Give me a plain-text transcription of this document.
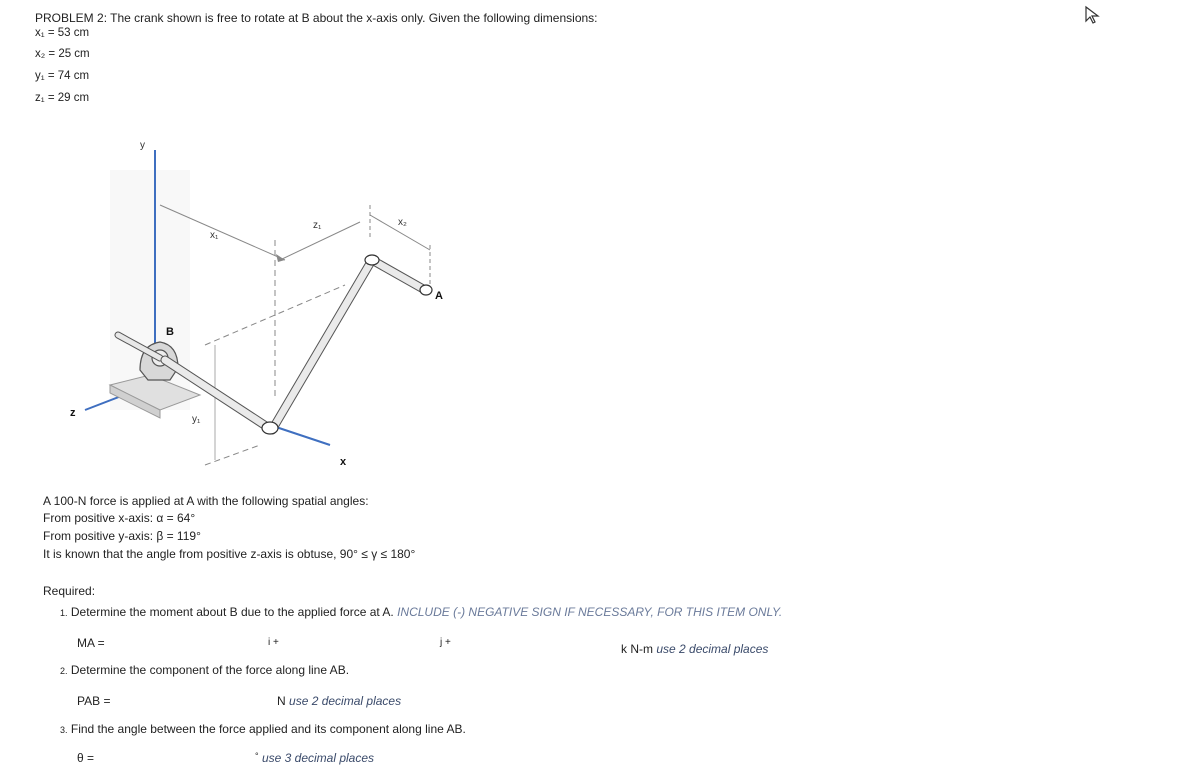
PROBLEM 2: The crank shown is free to rotate at B about the x-axis only. Given the following dimensions:
x₁ = 53 cm
x₂ = 25 cm
y₁ = 74 cm
z₁ = 29 cm
y
z
x
B
A
x₁
x₂
z₁
y₁
A 100-N force is applied at A with the following spatial angles:
From positive x-axis: α = 64°
From positive y-axis: β = 119°
It is known that the angle from positive z-axis is obtuse, 90° ≤ γ ≤ 180°
Required:
1. Determine the moment about B due to the applied force at A. INCLUDE (-) NEGATIVE SIGN IF NECESSARY, FOR THIS ITEM ONLY.
MA =	i +	j +	k N-m use 2 decimal places
2. Determine the component of the force along line AB.
PAB =	N use 2 decimal places
3. Find the angle between the force applied and its component along line AB.
θ =	° use 3 decimal places
